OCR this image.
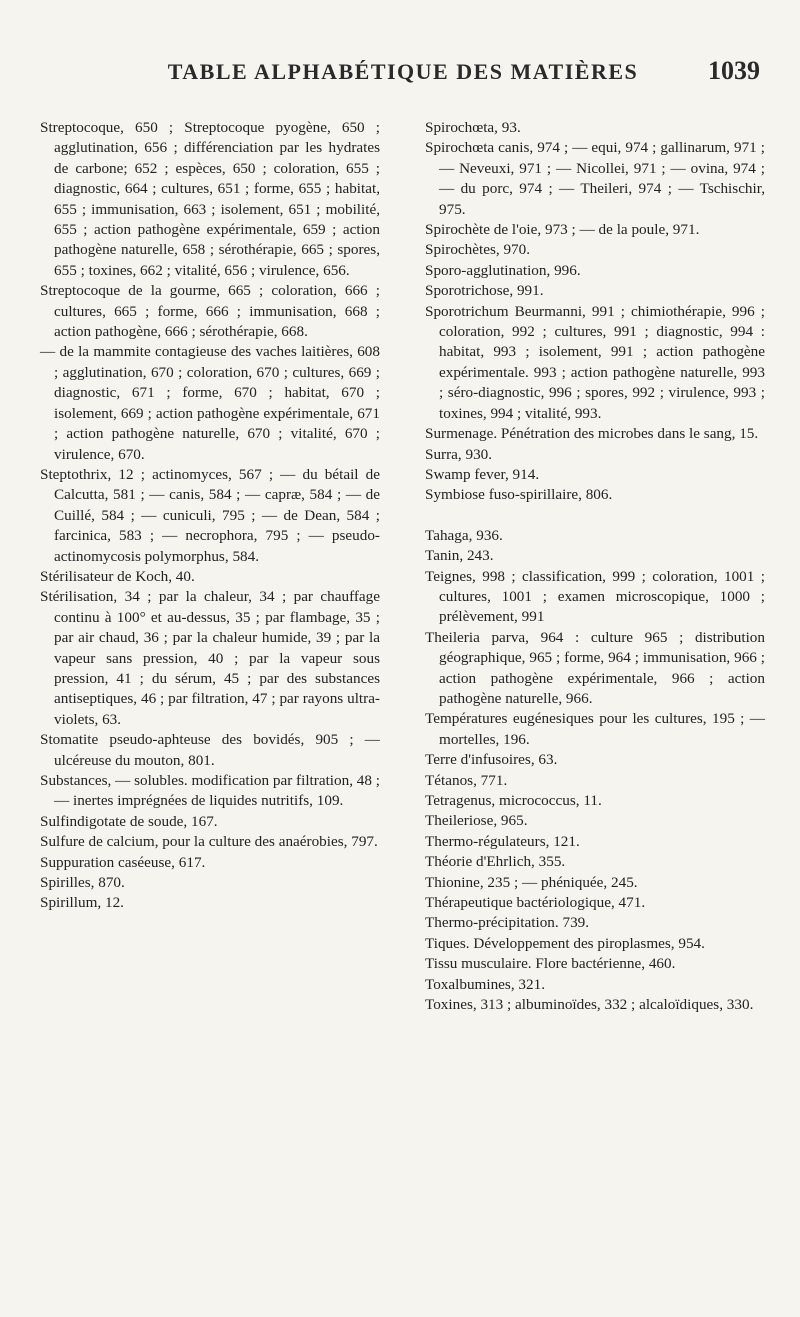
TABLE ALPHABÉTIQUE DES MATIÈRES	1039

Streptocoque, 650 ; Streptocoque pyogène, 650 ; agglutination, 656 ; différenciation par les hydrates de carbone; 652 ; espèces, 650 ; coloration, 655 ; diagnostic, 664 ; cultures, 651 ; forme, 655 ; habitat, 655 ; immunisation, 663 ; isolement, 651 ; mobilité, 655 ; action pathogène expérimentale, 659 ; action pathogène naturelle, 658 ; sérothérapie, 665 ; spores, 655 ; toxines, 662 ; vitalité, 656 ; virulence, 656.

Streptocoque de la gourme, 665 ; coloration, 666 ; cultures, 665 ; forme, 666 ; immunisation, 668 ; action pathogène, 666 ; sérothérapie, 668.

— de la mammite contagieuse des vaches laitières, 608 ; agglutination, 670 ; coloration, 670 ; cultures, 669 ; diagnostic, 671 ; forme, 670 ; habitat, 670 ; isolement, 669 ; action pathogène expérimentale, 671 ; action pathogène naturelle, 670 ; vitalité, 670 ; virulence, 670.

Steptothrix, 12 ; actinomyces, 567 ; — du bétail de Calcutta, 581 ; — canis, 584 ; — capræ, 584 ; — de Cuillé, 584 ; — cuniculi, 795 ; — de Dean, 584 ; farcinica, 583 ; — necrophora, 795 ; — pseudo-actinomycosis polymorphus, 584.

Stérilisateur de Koch, 40.

Stérilisation, 34 ; par la chaleur, 34 ; par chauffage continu à 100° et au-dessus, 35 ; par flambage, 35 ; par air chaud, 36 ; par la chaleur humide, 39 ; par la vapeur sans pression, 40 ; par la vapeur sous pression, 41 ; du sérum, 45 ; par des substances antiseptiques, 46 ; par filtration, 47 ; par rayons ultra-violets, 63.

Stomatite pseudo-aphteuse des bovidés, 905 ; — ulcéreuse du mouton, 801.

Substances, — solubles. modification par filtration, 48 ; — inertes imprégnées de liquides nutritifs, 109.

Sulfindigotate de soude, 167.

Sulfure de calcium, pour la culture des anaérobies, 797.

Suppuration caséeuse, 617.

Spirilles, 870.

Spirillum, 12.

Spirochœta, 93.

Spirochœta canis, 974 ; — equi, 974 ; gallinarum, 971 ; — Neveuxi, 971 ; — Nicollei, 971 ; — ovina, 974 ; — du porc, 974 ; — Theileri, 974 ; — Tschischir, 975.

Spirochète de l'oie, 973 ; — de la poule, 971.

Spirochètes, 970.

Sporo-agglutination, 996.

Sporotrichose, 991.

Sporotrichum Beurmanni, 991 ; chimiothérapie, 996 ; coloration, 992 ; cultures, 991 ; diagnostic, 994 : habitat, 993 ; isolement, 991 ; action pathogène expérimentale. 993 ; action pathogène naturelle, 993 ; séro-diagnostic, 996 ; spores, 992 ; virulence, 993 ; toxines, 994 ; vitalité, 993.

Surmenage. Pénétration des microbes dans le sang, 15.

Surra, 930.

Swamp fever, 914.

Symbiose fuso-spirillaire, 806.

Tahaga, 936.

Tanin, 243.

Teignes, 998 ; classification, 999 ; coloration, 1001 ; cultures, 1001 ; examen microscopique, 1000 ; prélèvement, 991

Theileria parva, 964 : culture 965 ; distribution géographique, 965 ; forme, 964 ; immunisation, 966 ; action pathogène expérimentale, 966 ; action pathogène naturelle, 966.

Températures eugénesiques pour les cultures, 195 ; — mortelles, 196.

Terre d'infusoires, 63.

Tétanos, 771.

Tetragenus, micrococcus, 11.

Theileriose, 965.

Thermo-régulateurs, 121.

Théorie d'Ehrlich, 355.

Thionine, 235 ; — phéniquée, 245.

Thérapeutique bactériologique, 471.

Thermo-précipitation. 739.

Tiques. Développement des piroplasmes, 954.

Tissu musculaire. Flore bactérienne, 460.

Toxalbumines, 321.

Toxines, 313 ; albuminoïdes, 332 ; alcaloïdiques, 330.
